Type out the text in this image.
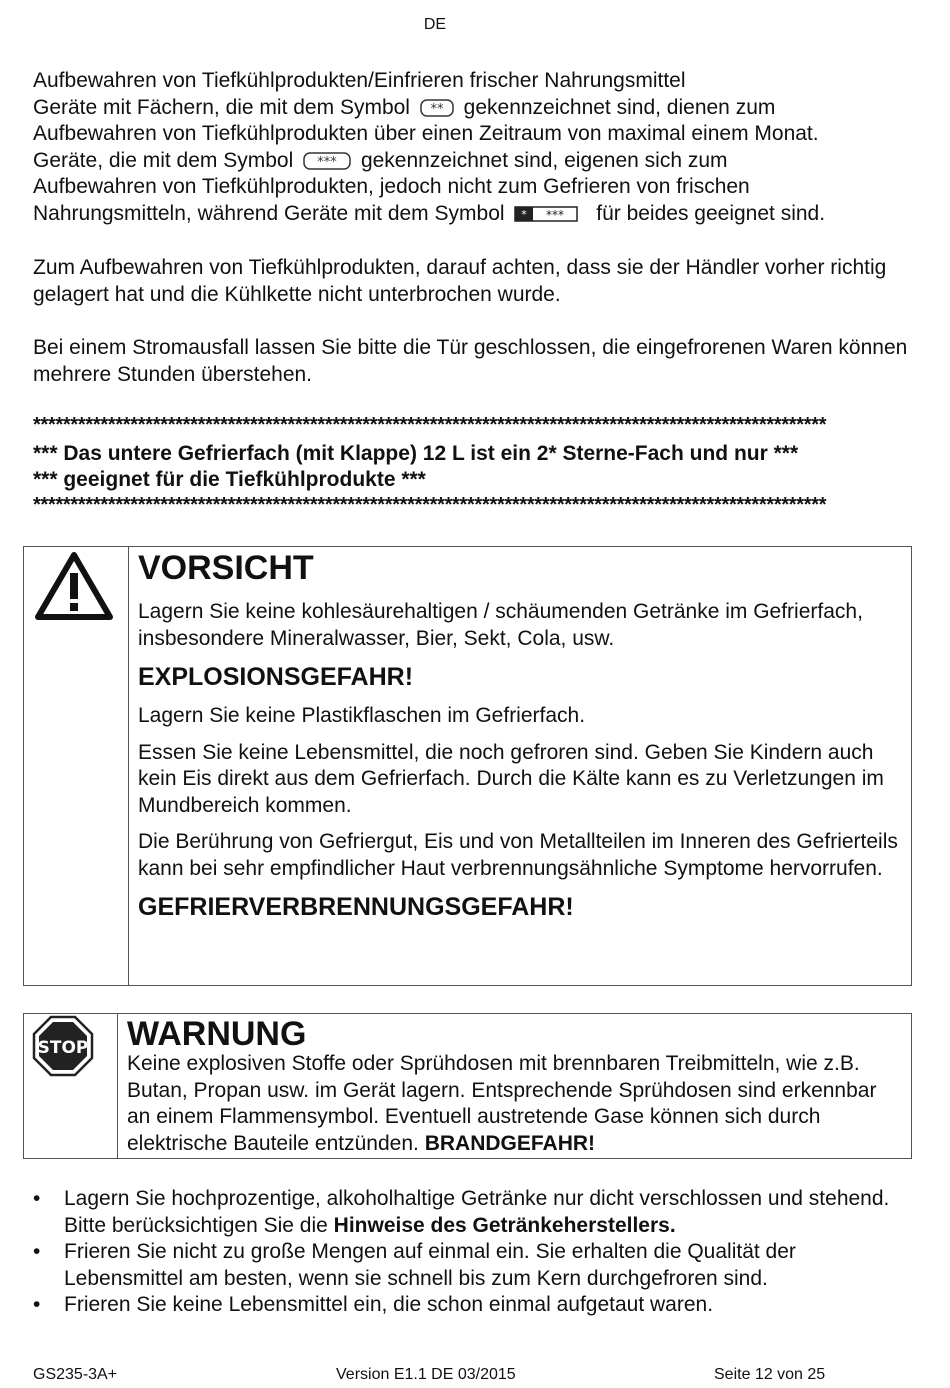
DE
Aufbewahren von Tiefkühlprodukten/Einfrieren frischer Nahrungsmittel
Geräte mit Fächern, die mit dem Symbol ** gekennzeichnet sind, dienen zum
Aufbewahren von Tiefkühlprodukten über einen Zeitraum von maximal einem Monat.
Geräte, die mit dem Symbol *** gekennzeichnet sind, eigenen sich zum
Aufbewahren von Tiefkühlprodukten, jedoch nicht zum Gefrieren von frischen
Nahrungsmitteln, während Geräte mit dem Symbol * *** für beides geeignet sind.
Zum Aufbewahren von Tiefkühlprodukten, darauf achten, dass sie der Händler vorher richtig gelagert hat und die Kühlkette nicht unterbrochen wurde.
Bei einem Stromausfall lassen Sie bitte die Tür geschlossen, die eingefrorenen Waren können mehrere Stunden überstehen.
**********************************************************************************************************
*** Das untere Gefrierfach (mit Klappe) 12 L ist ein 2* Sterne-Fach und nur ***
*** geeignet für die Tiefkühlprodukte ***
**********************************************************************************************************
VORSICHT
Lagern Sie keine kohlesäurehaltigen / schäumenden Getränke im Gefrierfach, insbesondere Mineralwasser, Bier, Sekt, Cola, usw.
EXPLOSIONSGEFAHR!
Lagern Sie keine Plastikflaschen im Gefrierfach.
Essen Sie keine Lebensmittel, die noch gefroren sind. Geben Sie Kindern auch kein Eis direkt aus dem Gefrierfach. Durch die Kälte kann es zu Verletzungen im Mundbereich kommen.
Die Berührung von Gefriergut, Eis und von Metallteilen im Inneren des Gefrierteils kann bei sehr empfindlicher Haut verbrennungsähnliche Symptome hervorrufen.
GEFRIERVERBRENNUNGSGEFAHR!
STOP WARNUNG
Keine explosiven Stoffe oder Sprühdosen mit brennbaren Treibmitteln, wie z.B. Butan, Propan usw. im Gerät lagern. Entsprechende Sprühdosen sind erkennbar an einem Flammensymbol. Eventuell austretende Gase können sich durch elektrische Bauteile entzünden. BRANDGEFAHR!
• Lagern Sie hochprozentige, alkoholhaltige Getränke nur dicht verschlossen und stehend. Bitte berücksichtigen Sie die Hinweise des Getränkeherstellers.
• Frieren Sie nicht zu große Mengen auf einmal ein. Sie erhalten die Qualität der Lebensmittel am besten, wenn sie schnell bis zum Kern durchgefroren sind.
• Frieren Sie keine Lebensmittel ein, die schon einmal aufgetaut waren.
GS235-3A+	Version E1.1 DE 03/2015	Seite 12 von 25
